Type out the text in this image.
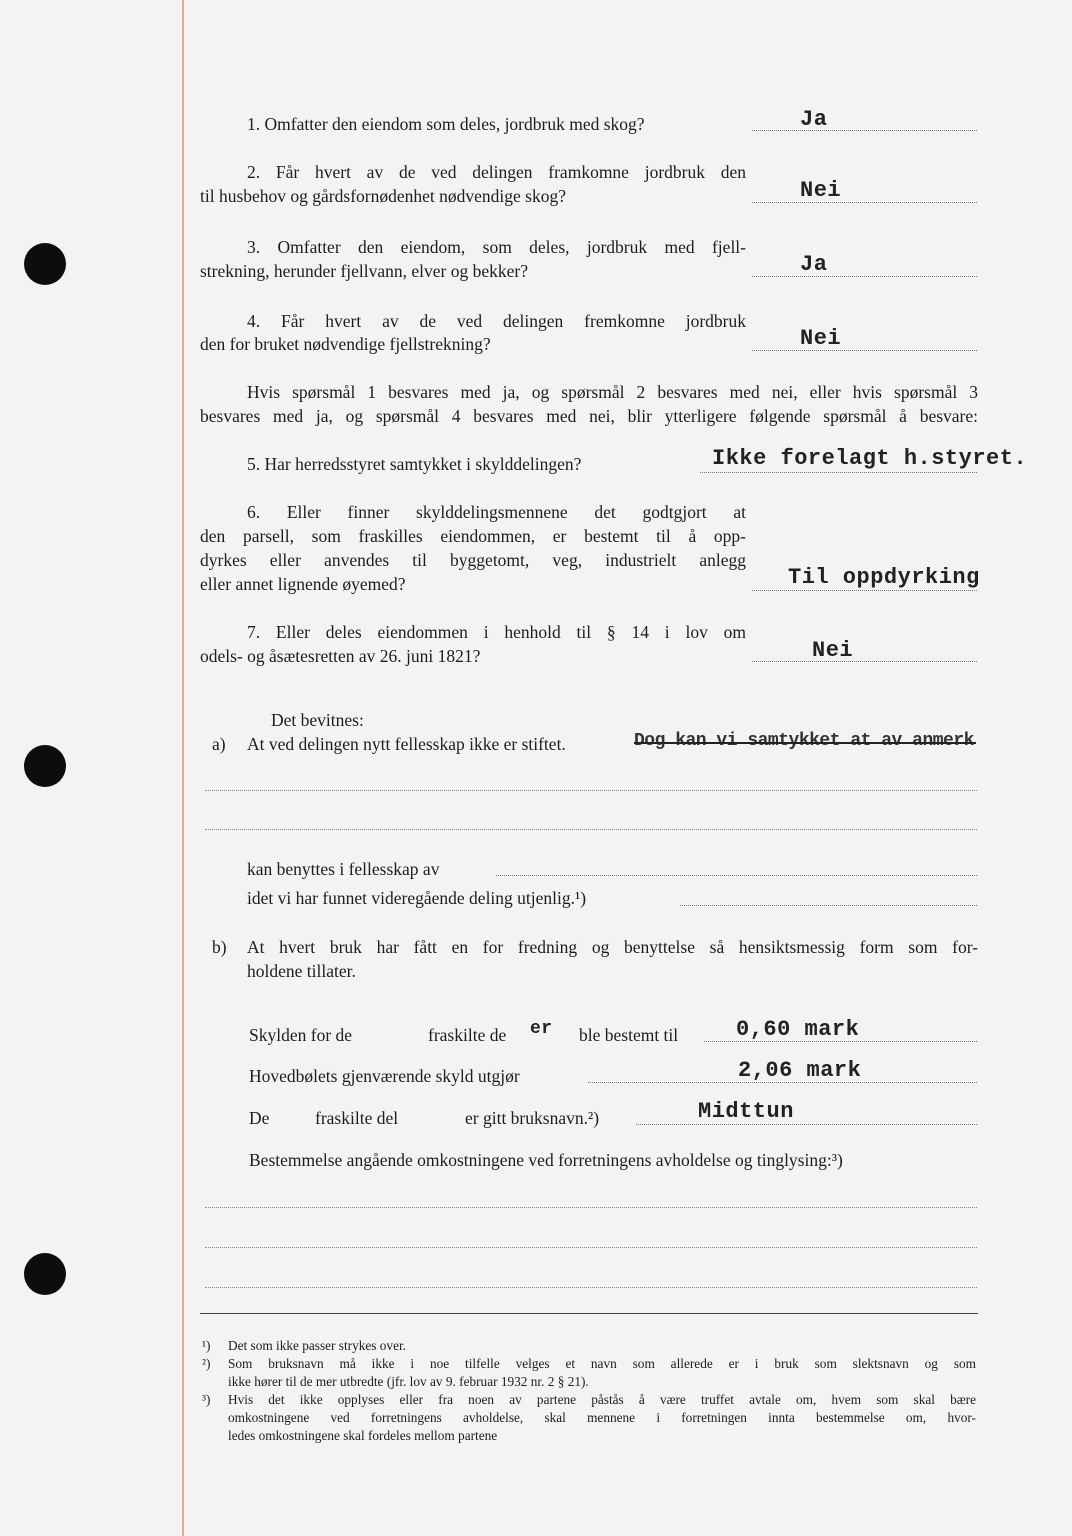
1. Omfatter den eiendom som deles, jordbruk med skog?	Ja
2. Får hvert av de ved delingen framkomne jordbruk den
til husbehov og gårdsfornødenhet nødvendige skog?	Nei
3. Omfatter den eiendom, som deles, jordbruk med fjell-
strekning, herunder fjellvann, elver og bekker?	Ja
4. Får hvert av de ved delingen fremkomne jordbruk
den for bruket nødvendige fjellstrekning?	Nei
Hvis spørsmål 1 besvares med ja, og spørsmål 2 besvares med nei, eller hvis spørsmål 3
besvares med ja, og spørsmål 4 besvares med nei, blir ytterligere følgende spørsmål å besvare:
5. Har herredsstyret samtykket i skylddelingen?	Ikke forelagt h.styret.
6. Eller finner skylddelingsmennene det godtgjort at
den parsell, som fraskilles eiendommen, er bestemt til å opp-
dyrkes eller anvendes til byggetomt, veg, industrielt anlegg
eller annet lignende øyemed?	Til oppdyrking
7. Eller deles eiendommen i henhold til § 14 i lov om
odels- og åsætesretten av 26. juni 1821?	Nei
Det bevitnes:
a) At ved delingen nytt fellesskap ikke er stiftet.	Dog kan vi samtykket at av anmerk
kan benyttes i fellesskap av
idet vi har funnet videregående deling utjenlig.¹)
b) At hvert bruk har fått en for fredning og benyttelse så hensiktsmessig form som for-
holdene tillater.
Skylden for de	fraskilte de er ble bestemt til	0,60 mark
Hovedbølets gjenværende skyld utgjør	2,06 mark
De	fraskilte del	er gitt bruksnavn.²)	Midttun
Bestemmelse angående omkostningene ved forretningens avholdelse og tinglysing:³)
¹) Det som ikke passer strykes over.
²) Som bruksnavn må ikke i noe tilfelle velges et navn som allerede er i bruk som slektsnavn og som
ikke hører til de mer utbredte (jfr. lov av 9. februar 1932 nr. 2 § 21).
³) Hvis det ikke opplyses eller fra noen av partene påstås å være truffet avtale om, hvem som skal bære
omkostningene ved forretningens avholdelse, skal mennene i forretningen innta bestemmelse om, hvor-
ledes omkostningene skal fordeles mellom partene
